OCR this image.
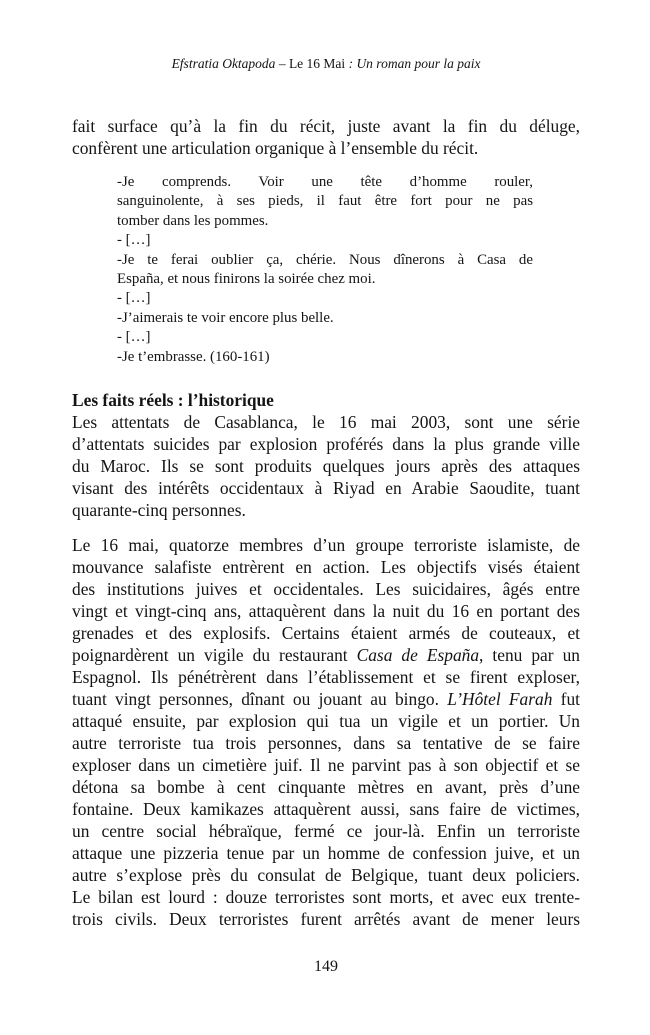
Efstratia Oktapoda – Le 16 Mai : Un roman pour la paix
fait surface qu’à la fin du récit, juste avant la fin du déluge,
confèrent une articulation organique à l’ensemble du récit.
-Je comprends. Voir une tête d’homme rouler,
sanguinolente, à ses pieds, il faut être fort pour ne pas
tomber dans les pommes.
- […]
-Je te ferai oublier ça, chérie. Nous dînerons à Casa de
España, et nous finirons la soirée chez moi.
- […]
-J’aimerais te voir encore plus belle.
- […]
-Je t’embrasse. (160-161)
Les faits réels : l’historique
Les attentats de Casablanca, le 16 mai 2003, sont une série
d’attentats suicides par explosion proférés dans la plus grande ville
du Maroc. Ils se sont produits quelques jours après des attaques
visant des intérêts occidentaux à Riyad en Arabie Saoudite, tuant
quarante-cinq personnes.
Le 16 mai, quatorze membres d’un groupe terroriste islamiste, de
mouvance salafiste entrèrent en action. Les objectifs visés étaient
des institutions juives et occidentales. Les suicidaires, âgés entre
vingt et vingt-cinq ans, attaquèrent dans la nuit du 16 en portant des
grenades et des explosifs. Certains étaient armés de couteaux, et
poignardèrent un vigile du restaurant Casa de España, tenu par un
Espagnol. Ils pénétrèrent dans l’établissement et se firent exploser,
tuant vingt personnes, dînant ou jouant au bingo. L’Hôtel Farah fut
attaqué ensuite, par explosion qui tua un vigile et un portier. Un
autre terroriste tua trois personnes, dans sa tentative de se faire
exploser dans un cimetière juif. Il ne parvint pas à son objectif et se
détona sa bombe à cent cinquante mètres en avant, près d’une
fontaine. Deux kamikazes attaquèrent aussi, sans faire de victimes,
un centre social hébraïque, fermé ce jour-là. Enfin un terroriste
attaque une pizzeria tenue par un homme de confession juive, et un
autre s’explose près du consulat de Belgique, tuant deux policiers.
Le bilan est lourd : douze terroristes sont morts, et avec eux trente-
trois civils. Deux terroristes furent arrêtés avant de mener leurs
149
